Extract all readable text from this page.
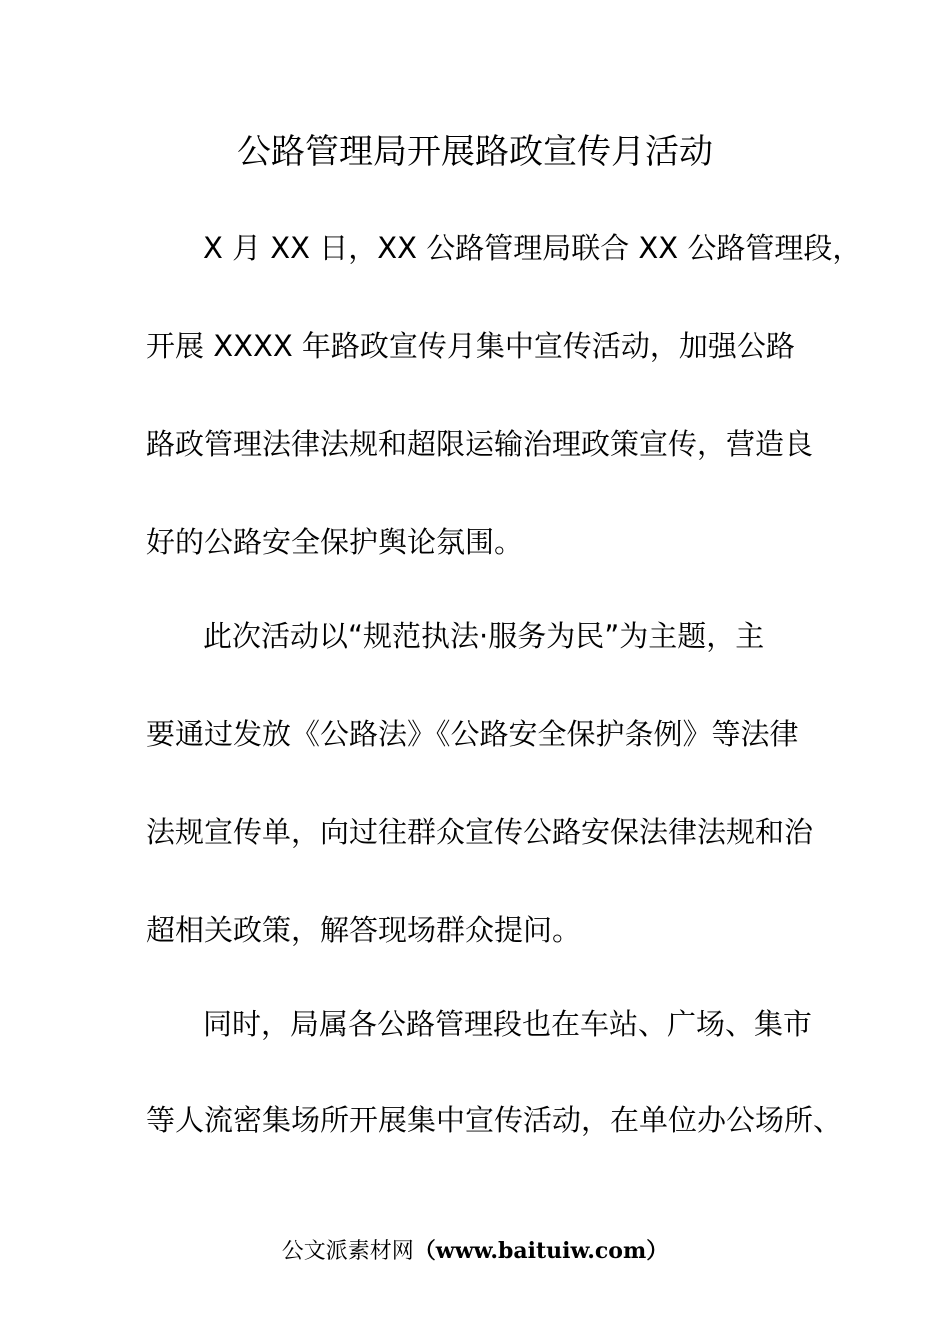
公路管理局开展路政宣传月活动
X 月 XX 日，XX 公路管理局联合 XX 公路管理段，
开展 XXXX 年路政宣传月集中宣传活动，加强公路
路政管理法律法规和超限运输治理政策宣传，营造良
好的公路安全保护舆论氛围。
此次活动以“规范执法·服务为民”为主题，主
要通过发放《公路法》《公路安全保护条例》等法律
法规宣传单，向过往群众宣传公路安保法律法规和治
超相关政策，解答现场群众提问。
同时，局属各公路管理段也在车站、广场、集市
等人流密集场所开展集中宣传活动，在单位办公场所、
公文派素材网（www.baituiw.com）
